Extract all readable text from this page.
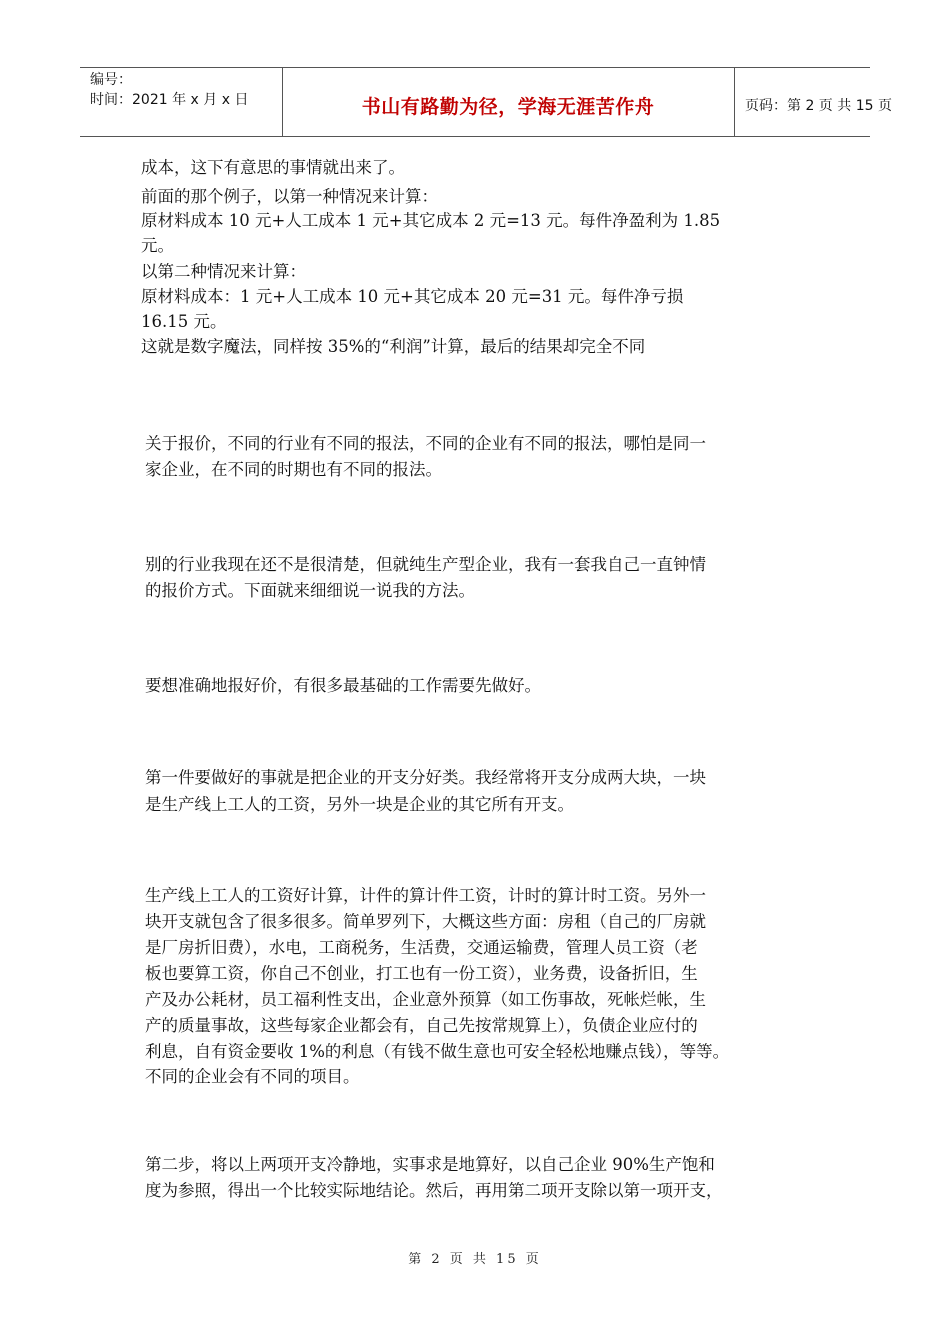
编号：
时间：2021 年 x 月 x 日	书山有路勤为径，学海无涯苦作舟	页码：第 2 页 共 15 页
成本，这下有意思的事情就出来了。
前面的那个例子，以第一种情况来计算：
原材料成本 10 元+人工成本 1 元+其它成本 2 元=13 元。每件净盈利为 1.85
元。
以第二种情况来计算：
原材料成本：1 元+人工成本 10 元+其它成本 20 元=31 元。每件净亏损
16.15 元。
这就是数字魔法，同样按 35%的“利润”计算，最后的结果却完全不同
关于报价，不同的行业有不同的报法，不同的企业有不同的报法，哪怕是同一
家企业，在不同的时期也有不同的报法。
别的行业我现在还不是很清楚，但就纯生产型企业，我有一套我自己一直钟情
的报价方式。下面就来细细说一说我的方法。
要想准确地报好价，有很多最基础的工作需要先做好。
第一件要做好的事就是把企业的开支分好类。我经常将开支分成两大块，一块
是生产线上工人的工资，另外一块是企业的其它所有开支。
生产线上工人的工资好计算，计件的算计件工资，计时的算计时工资。另外一
块开支就包含了很多很多。简单罗列下，大概这些方面：房租（自己的厂房就
是厂房折旧费），水电，工商税务，生活费，交通运输费，管理人员工资（老
板也要算工资，你自己不创业，打工也有一份工资），业务费，设备折旧，生
产及办公耗材，员工福利性支出，企业意外预算（如工伤事故，死帐烂帐，生
产的质量事故，这些每家企业都会有，自己先按常规算上），负债企业应付的
利息，自有资金要收 1%的利息（有钱不做生意也可安全轻松地赚点钱），等等。
不同的企业会有不同的项目。
第二步，将以上两项开支冷静地，实事求是地算好，以自己企业 90%生产饱和
度为参照，得出一个比较实际地结论。然后，再用第二项开支除以第一项开支，
第 2 页 共 15 页
